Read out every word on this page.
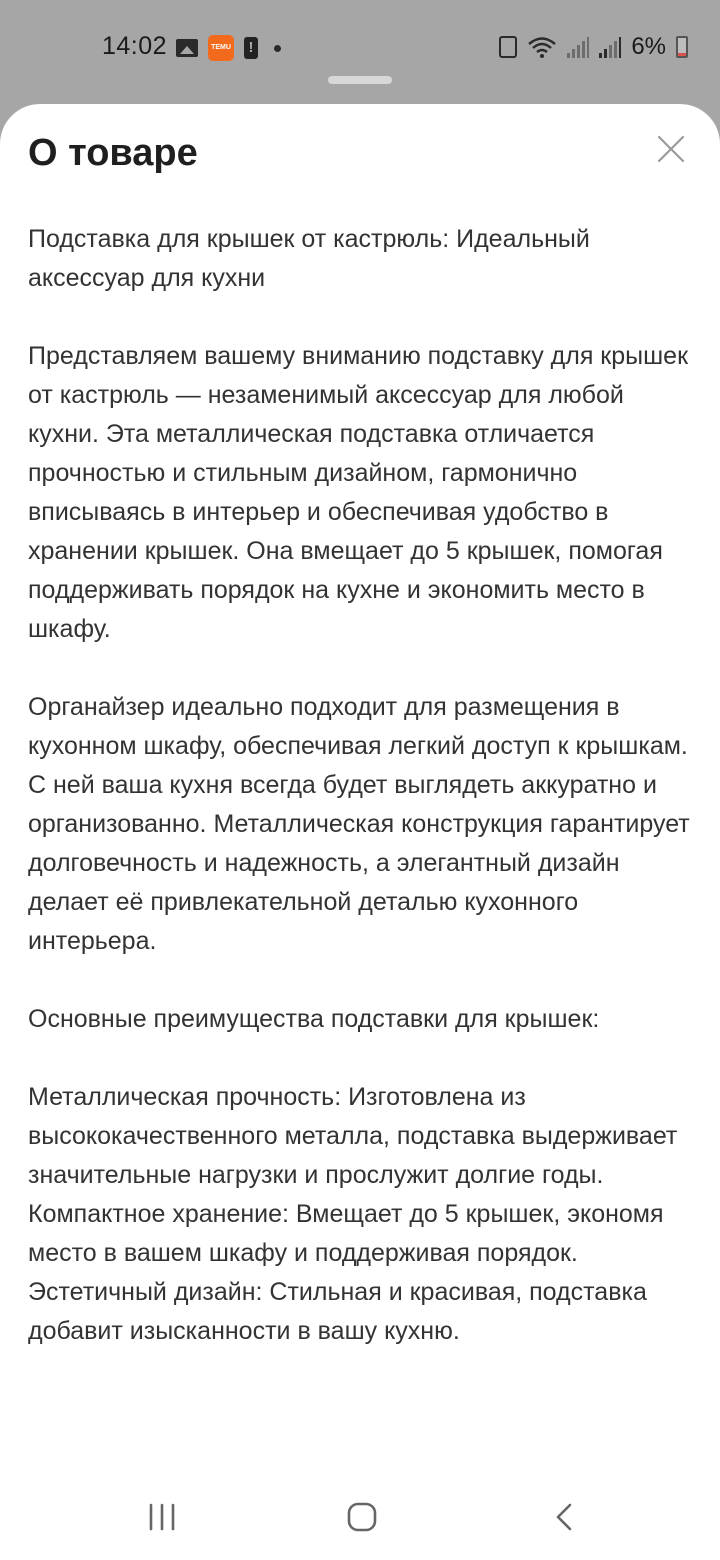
14:02	TEMU
!	6%
О товаре

Подставка для крышек от кастрюль: Идеальный аксессуар для кухни

Представляем вашему вниманию подставку для крышек от кастрюль — незаменимый аксессуар для любой кухни. Эта металлическая подставка отличается прочностью и стильным дизайном, гармонично вписываясь в интерьер и обеспечивая удобство в хранении крышек. Она вмещает до 5 крышек, помогая поддерживать порядок на кухне и экономить место в шкафу.

Органайзер идеально подходит для размещения в кухонном шкафу, обеспечивая легкий доступ к крышкам. С ней ваша кухня всегда будет выглядеть аккуратно и организованно. Металлическая конструкция гарантирует долговечность и надежность, а элегантный дизайн делает её привлекательной деталью кухонного интерьера.

Основные преимущества подставки для крышек:

Металлическая прочность: Изготовлена из высококачественного металла, подставка выдерживает значительные нагрузки и прослужит долгие годы.

Компактное хранение: Вмещает до 5 крышек, экономя место в вашем шкафу и поддерживая порядок.

Эстетичный дизайн: Стильная и красивая, подставка добавит изысканности в вашу кухню.
